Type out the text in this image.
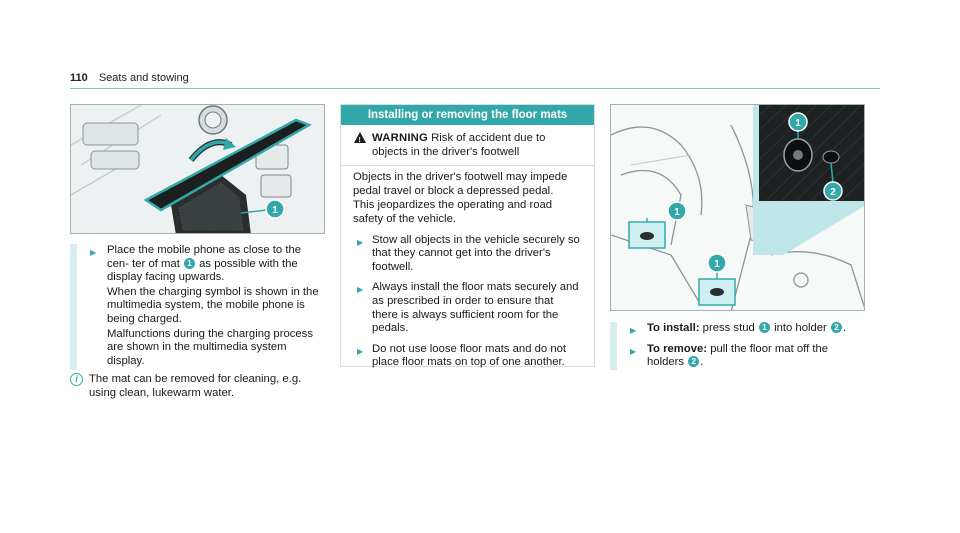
110 Seats and stowing
1
▶ Place the mobile phone as close to the cen- ter of mat 1 as possible with the display facing upwards.

When the charging symbol is shown in the multimedia system, the mobile phone is being charged.

Malfunctions during the charging process are shown in the multimedia system display.

i The mat can be removed for cleaning, e.g. using clean, lukewarm water.

Installing or removing the floor mats
!
WARNING Risk of accident due to objects in the driver's footwell

Objects in the driver's footwell may impede pedal travel or block a depressed pedal.

This jeopardizes the operating and road safety of the vehicle.

▶ Stow all objects in the vehicle securely so that they cannot get into the driver's footwell.

▶ Always install the floor mats securely and as prescribed in order to ensure that there is always sufficient room for the pedals.

▶ Do not use loose floor mats and do not place floor mats on top of one another.

1
2
1
1
▶ To install: press stud 1 into holder 2 .

▶ To remove: pull the floor mat off the holders 2 .
